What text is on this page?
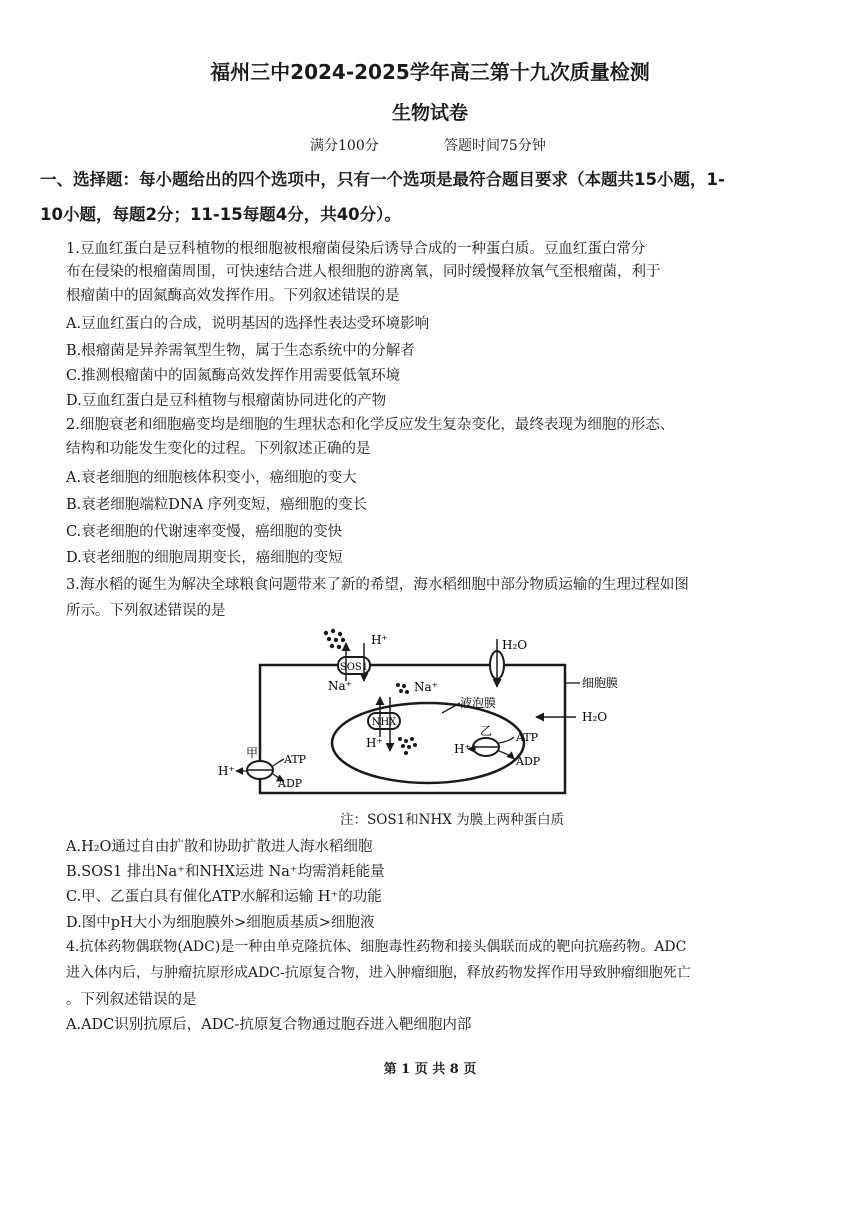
福州三中2024-2025学年高三第十九次质量检测
生物试卷
满分100分	答题时间75分钟
一、选择题：每小题给出的四个选项中，只有一个选项是最符合题目要求（本题共15小题，1-
10小题，每题2分；11-15每题4分，共40分）。
1.豆血红蛋白是豆科植物的根细胞被根瘤菌侵染后诱导合成的一种蛋白质。豆血红蛋白常分
布在侵染的根瘤菌周围，可快速结合进人根细胞的游离氧，同时缓慢释放氧气至根瘤菌，利于
根瘤菌中的固氮酶高效发挥作用。下列叙述错误的是
A.豆血红蛋白的合成，说明基因的选择性表达受环境影响
B.根瘤菌是异养需氧型生物，属于生态系统中的分解者
C.推测根瘤菌中的固氮酶高效发挥作用需要低氧环境
D.豆血红蛋白是豆科植物与根瘤菌协同进化的产物
2.细胞衰老和细胞癌变均是细胞的生理状态和化学反应发生复杂变化，最终表现为细胞的形态、
结构和功能发生变化的过程。下列叙述正确的是
A.衰老细胞的细胞核体积变小，癌细胞的变大
B.衰老细胞端粒DNA 序列变短，癌细胞的变长
C.衰老细胞的代谢速率变慢，癌细胞的变快
D.衰老细胞的细胞周期变长，癌细胞的变短
3.海水稻的诞生为解决全球粮食问题带来了新的希望，海水稻细胞中部分物质运输的生理过程如图
所示。下列叙述错误的是
SOS1
H⁺
Na⁺
H₂O
细胞膜
H₂O
液泡膜
NHX
Na⁺
H⁺
乙 ATP
ADP
H⁺
甲 ATP
ADP
H⁺
注：SOS1和NHX 为膜上两种蛋白质
A.H₂O通过自由扩散和协助扩散进人海水稻细胞
B.SOS1 排出Na⁺和NHX运进 Na⁺均需消耗能量
C.甲、乙蛋白具有催化ATP水解和运输 H⁺的功能
D.图中pH大小为细胞膜外>细胞质基质>细胞液
4.抗体药物偶联物(ADC)是一种由单克隆抗体、细胞毒性药物和接头偶联而成的靶向抗癌药物。ADC
进入体内后，与肿瘤抗原形成ADC-抗原复合物，进入肿瘤细胞，释放药物发挥作用导致肿瘤细胞死亡
。下列叙述错误的是
A.ADC识别抗原后，ADC-抗原复合物通过胞吞进入靶细胞内部
第 1 页 共 8 页
